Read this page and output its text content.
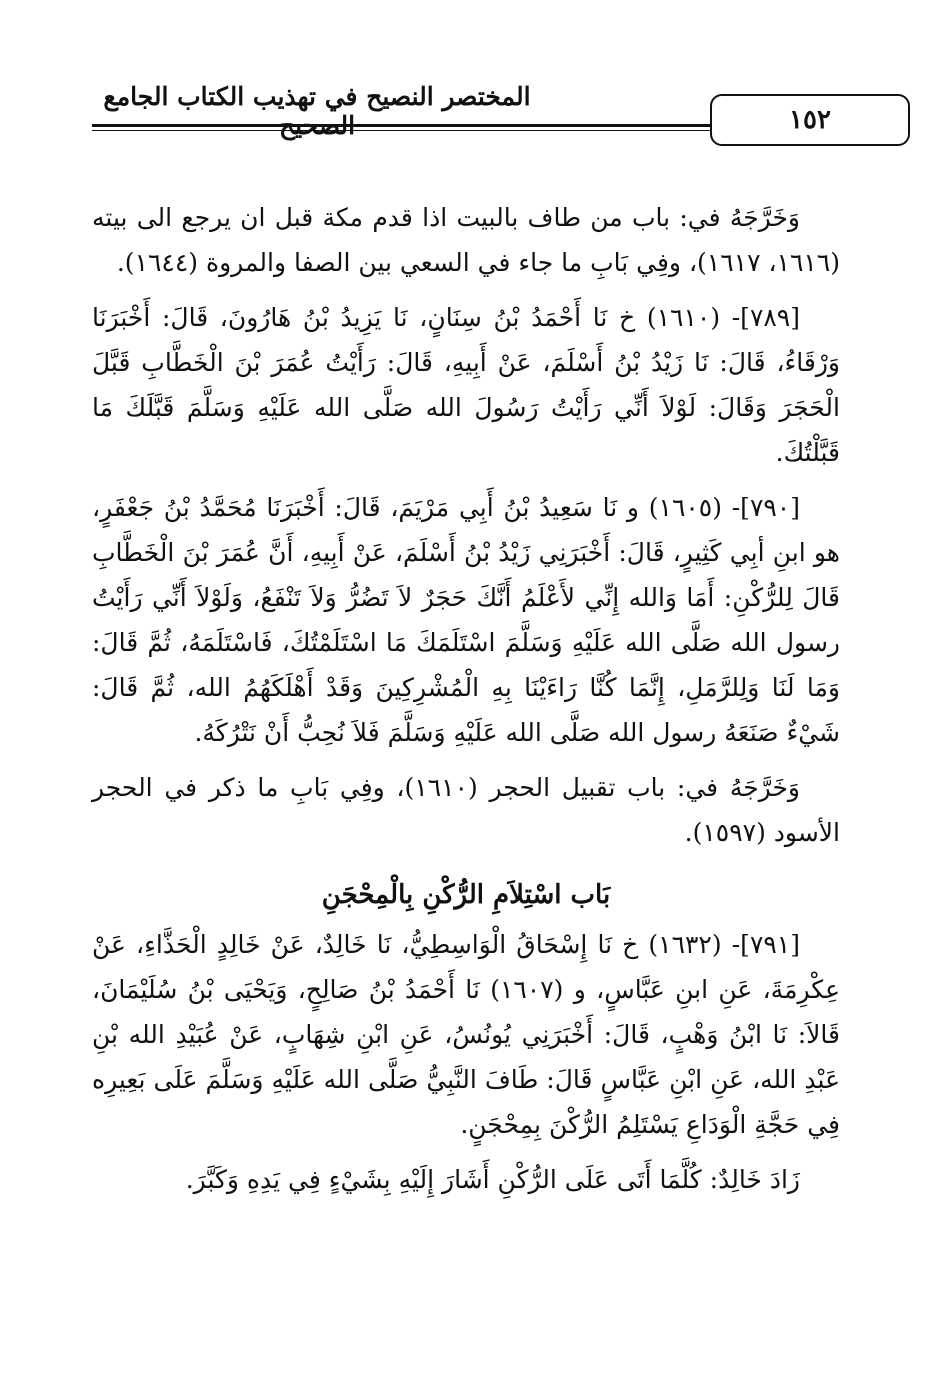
المختصر النصيح في تهذيب الكتاب الجامع الصحيح	١٥٢

وَخَرَّجَهُ في: باب من طاف بالبيت اذا قدم مكة قبل ان يرجع الى بيته (١٦١٦، ١٦١٧)، وفِي بَابِ ما جاء في السعي بين الصفا والمروة (١٦٤٤).

[٧٨٩]- (١٦١٠) خ نَا أَحْمَدُ بْنُ سِنَانٍ، نَا يَزِيدُ بْنُ هَارُونَ، قَالَ: أَخْبَرَنَا وَرْقَاءُ، قَالَ: نَا زَيْدُ بْنُ أَسْلَمَ، عَنْ أَبِيهِ، قَالَ: رَأَيْتُ عُمَرَ بْنَ الْخَطَّابِ قَبَّلَ الْحَجَرَ وَقَالَ: لَوْلاَ أَنِّي رَأَيْتُ رَسُولَ الله صَلَّى الله عَلَيْهِ وَسَلَّمَ قَبَّلَكَ مَا قَبَّلْتُكَ.

[٧٩٠]- (١٦٠٥) و نَا سَعِيدُ بْنُ أَبِي مَرْيَمَ، قَالَ: أَخْبَرَنَا مُحَمَّدُ بْنُ جَعْفَرٍ، هو ابنِ أبِي كَثِيرٍ، قَالَ: أَخْبَرَنِي زَيْدُ بْنُ أَسْلَمَ، عَنْ أَبِيهِ، أَنَّ عُمَرَ بْنَ الْخَطَّابِ قَالَ لِلرُّكْنِ: أَمَا وَالله إِنِّي لأَعْلَمُ أَنَّكَ حَجَرٌ لاَ تَضُرُّ وَلاَ تَنْفَعُ، وَلَوْلاَ أَنِّي رَأَيْتُ رسول الله صَلَّى الله عَلَيْهِ وَسَلَّمَ اسْتَلَمَكَ مَا اسْتَلَمْتُكَ، فَاسْتَلَمَهُ، ثُمَّ قَالَ: وَمَا لَنَا وَلِلرَّمَلِ، إِنَّمَا كُنَّا رَاءَيْنَا بِهِ الْمُشْرِكِينَ وَقَدْ أَهْلَكَهُمُ الله، ثُمَّ قَالَ: شَيْءٌ صَنَعَهُ رسول الله صَلَّى الله عَلَيْهِ وَسَلَّمَ فَلاَ نُحِبُّ أَنْ نَتْرُكَهُ.

وَخَرَّجَهُ في: باب تقبيل الحجر (١٦١٠)، وفِي بَابِ ما ذكر في الحجر الأسود (١٥٩٧).

بَاب اسْتِلاَمِ الرُّكْنِ بِالْمِحْجَنِ

[٧٩١]- (١٦٣٢) خ نَا إِسْحَاقُ الْوَاسِطِيُّ، نَا خَالِدٌ، عَنْ خَالِدٍ الْحَذَّاءِ، عَنْ عِكْرِمَةَ، عَنِ ابنِ عَبَّاسٍ، و (١٦٠٧) نَا أَحْمَدُ بْنُ صَالِحٍ، وَيَحْيَى بْنُ سُلَيْمَانَ، قَالاَ: نَا ابْنُ وَهْبٍ، قَالَ: أَخْبَرَنِي يُونُسُ، عَنِ ابْنِ شِهَابٍ، عَنْ عُبَيْدِ الله بْنِ عَبْدِ الله، عَنِ ابْنِ عَبَّاسٍ قَالَ: طَافَ النَّبِيُّ صَلَّى الله عَلَيْهِ وَسَلَّمَ عَلَى بَعِيرِه فِي حَجَّةِ الْوَدَاعِ يَسْتَلِمُ الرُّكْنَ بِمِحْجَنٍ.

زَادَ خَالِدٌ: كُلَّمَا أَتَى عَلَى الرُّكْنِ أَشَارَ إِلَيْهِ بِشَيْءٍ فِي يَدِهِ وَكَبَّرَ.
